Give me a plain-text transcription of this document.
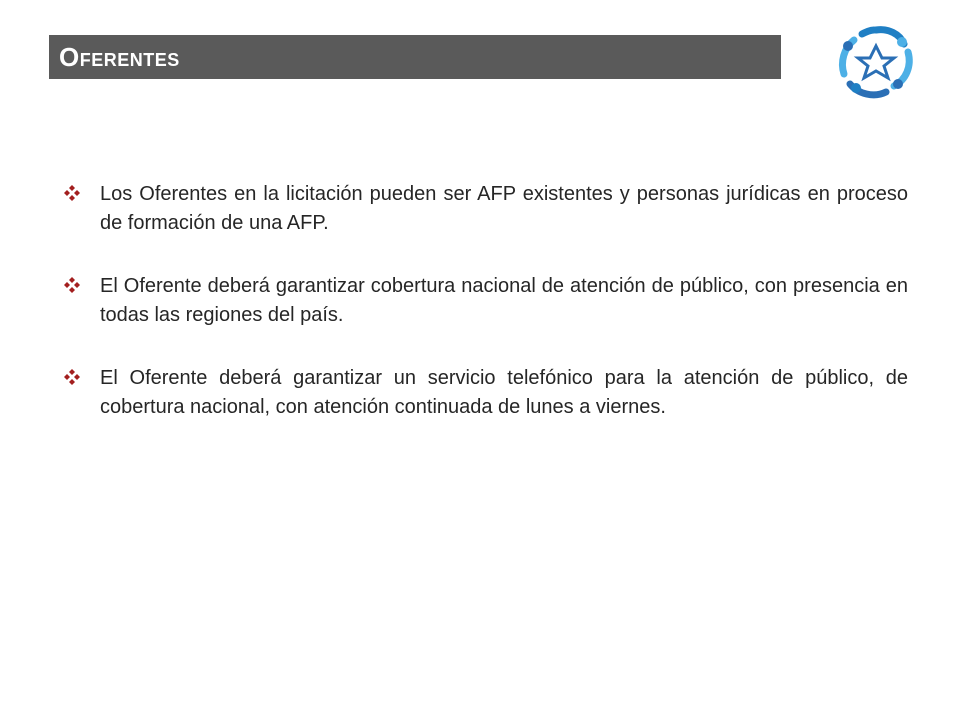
Oferentes
Los Oferentes en la licitación pueden ser AFP existentes y personas jurídicas en proceso de formación de una AFP.
El Oferente deberá garantizar cobertura nacional de atención de público, con presencia en todas las regiones del país.
El Oferente deberá garantizar un servicio telefónico para la atención de público, de cobertura nacional, con atención continuada de lunes a viernes.
